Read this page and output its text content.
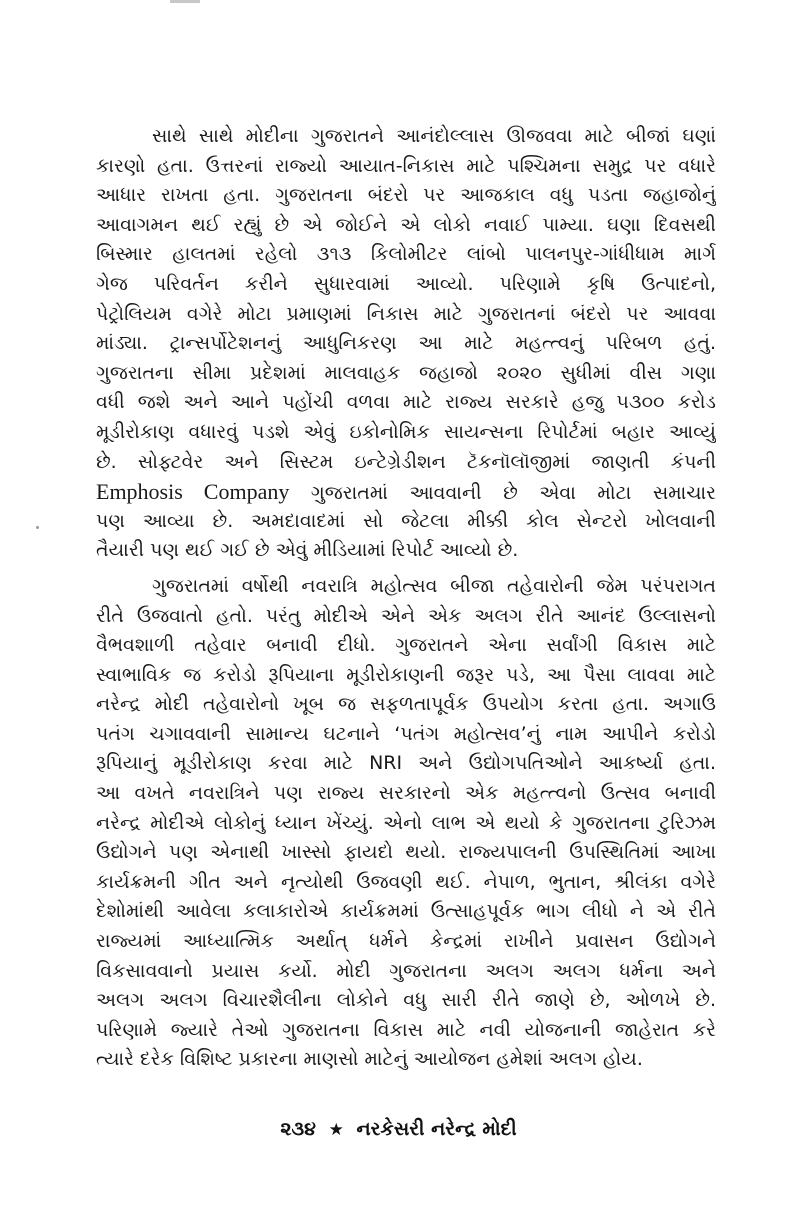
સાથે સાથે મોદીના ગુજરાતને આનંદોલ્લાસ ઊજવવા માટે બીજાં ઘણાં
કારણો હતા. ઉત્તરનાં રાજ્યો આયાત-નિકાસ માટે પશ્ચિમના સમુદ્ર પર વધારે
આધાર રાખતા હતા. ગુજરાતના બંદરો પર આજકાલ વધુ પડતા જહાજોનું
આવાગમન થઈ રહ્યું છે એ જોઈને એ લોકો નવાઈ પામ્યા. ઘણા દિવસથી
બિસ્માર હાલતમાં રહેલો ૩૧૩ કિલોમીટર લાંબો પાલનપુર-ગાંધીધામ માર્ગ
ગેજ પરિવર્તન કરીને સુધારવામાં આવ્યો. પરિણામે કૃષિ ઉત્પાદનો,
પેટ્રોલિયમ વગેરે મોટા પ્રમાણમાં નિકાસ માટે ગુજરાતનાં બંદરો પર આવવા
માંડ્યા. ટ્રાન્સર્પોટેશનનું આધુનિકરણ આ માટે મહત્ત્વનું પરિબળ હતું.
ગુજરાતના સીમા પ્રદેશમાં માલવાહક જહાજો ૨૦૨૦ સુધીમાં વીસ ગણા
વધી જશે અને આને પહોંચી વળવા માટે રાજ્ય સરકારે હજુ ૫૩૦૦ કરોડ
મૂડીરોકાણ વધારવું પડશે એવું ઇકોનોમિક સાયન્સના રિપોર્ટમાં બહાર આવ્યું
છે. સોફ્ટવેર અને સિસ્ટમ ઇન્ટેગ્રેડીશન ટૅકનૉલૉજીમાં જાણતી કંપની
Emphosis Company ગુજરાતમાં આવવાની છે એવા મોટા સમાચાર
પણ આવ્યા છે. અમદાવાદમાં સો જેટલા મીક્કી કોલ સેન્ટરો ખોલવાની
તૈયારી પણ થઈ ગઈ છે એવું મીડિયામાં રિપોર્ટ આવ્યો છે.
ગુજરાતમાં વર્ષોથી નવરાત્રિ મહોત્સવ બીજા તહેવારોની જેમ પરંપરાગત
રીતે ઉજવાતો હતો. પરંતુ મોદીએ એને એક અલગ રીતે આનંદ ઉલ્લાસનો
વૈભવશાળી તહેવાર બનાવી દીધો. ગુજરાતને એના સર્વાંગી વિકાસ માટે
સ્વાભાવિક જ કરોડો રૂપિયાના મૂડીરોકાણની જરૂર પડે, આ પૈસા લાવવા માટે
નરેન્દ્ર મોદી તહેવારોનો ખૂબ જ સફળતાપૂર્વક ઉપયોગ કરતા હતા. અગાઉ
પતંગ ચગાવવાની સામાન્ય ઘટનાને ‘પતંગ મહોત્સવ’નું નામ આપીને કરોડો
રૂપિયાનું મૂડીરોકાણ કરવા માટે NRI અને ઉદ્યોગપતિઓને આકર્ષ્યા હતા.
આ વખતે નવરાત્રિને પણ રાજ્ય સરકારનો એક મહત્ત્વનો ઉત્સવ બનાવી
નરેન્દ્ર મોદીએ લોકોનું ધ્યાન ખેંચ્યું. એનો લાભ એ થયો કે ગુજરાતના ટુરિઝમ
ઉદ્યોગને પણ એનાથી ખાસ્સો ફાયદો થયો. રાજ્યપાલની ઉપસ્થિતિમાં આખા
કાર્યક્રમની ગીત અને નૃત્યોથી ઉજવણી થઈ. નેપાળ, ભુતાન, શ્રીલંકા વગેરે
દેશોમાંથી આવેલા કલાકારોએ કાર્યક્રમમાં ઉત્સાહપૂર્વક ભાગ લીધો ને એ રીતે
રાજ્યમાં આધ્યાત્મિક અર્થાત્ ધર્મને કેન્દ્રમાં રાખીને પ્રવાસન ઉદ્યોગને
વિકસાવવાનો પ્રયાસ કર્યો. મોદી ગુજરાતના અલગ અલગ ધર્મના અને
અલગ અલગ વિચારશૈલીના લોકોને વધુ સારી રીતે જાણે છે, ઓળખે છે.
પરિણામે જ્યારે તેઓ ગુજરાતના વિકાસ માટે નવી યોજનાની જાહેરાત કરે
ત્યારે દરેક વિશિષ્ટ પ્રકારના માણસો માટેનું આયોજન હમેશાં અલગ હોય.
૨૩૪ ★ નરકેસરી નરેન્દ્ર મોદી
